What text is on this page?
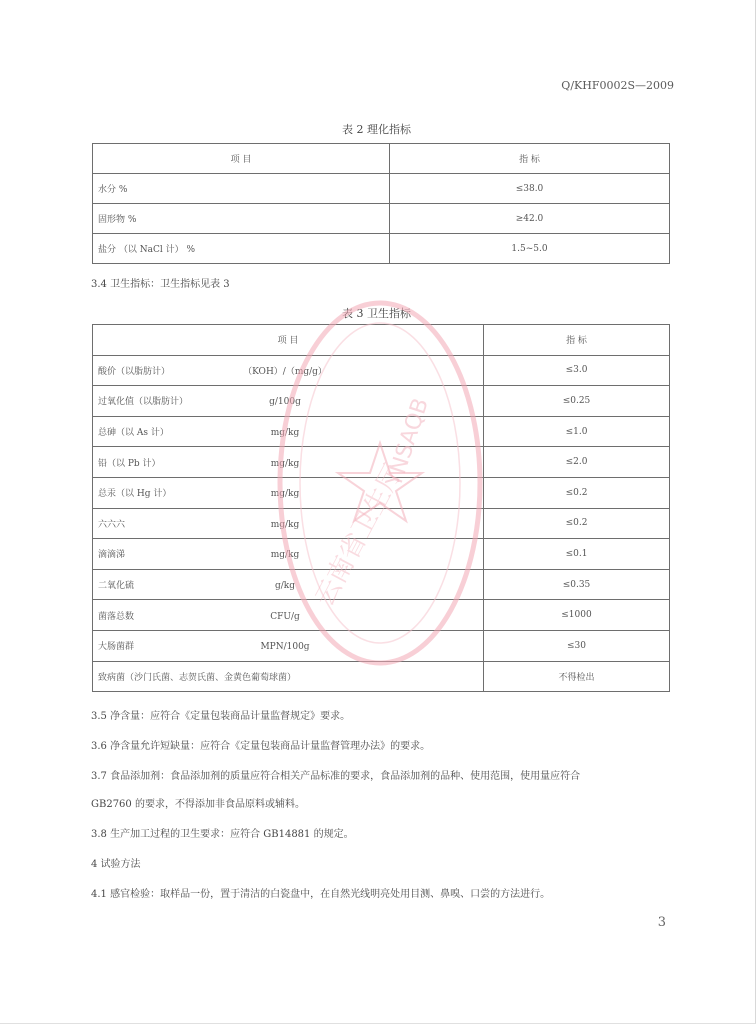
Q/KHF0002S—2009
表 2 理化指标
项 目	指 标
水分 %	≤38.0
固形物 %	≥42.0
盐分 （以 NaCl 计） %	1.5~5.0
3.4 卫生指标：卫生指标见表 3
表 3 卫生指标
项 目	指 标
酸价（以脂肪计） （KOH）/（mg/g）	≤3.0
过氧化值（以脂肪计） g/100g	≤0.25
总砷（以 As 计） mg/kg	≤1.0
铅（以 Pb 计） mg/kg	≤2.0
总汞（以 Hg 计） mg/kg	≤0.2
六六六 mg/kg	≤0.2
滴滴涕 mg/kg	≤0.1
二氧化硫 g/kg	≤0.35
菌落总数 CFU/g	≤1000
大肠菌群 MPN/100g	≤30
致病菌（沙门氏菌、志贺氏菌、金黄色葡萄球菌）	不得检出
3.5 净含量：应符合《定量包装商品计量监督规定》要求。
3.6 净含量允许短缺量：应符合《定量包装商品计量监督管理办法》的要求。
3.7 食品添加剂：食品添加剂的质量应符合相关产品标准的要求，食品添加剂的品种、使用范围，使用量应符合
GB2760 的要求，不得添加非食品原料或辅料。
3.8 生产加工过程的卫生要求：应符合 GB14881 的规定。
4 试验方法
4.1 感官检验：取样品一份，置于清洁的白瓷盘中，在自然光线明亮处用目测、鼻嗅、口尝的方法进行。
3
YNSAQB
云南省卫生厅
